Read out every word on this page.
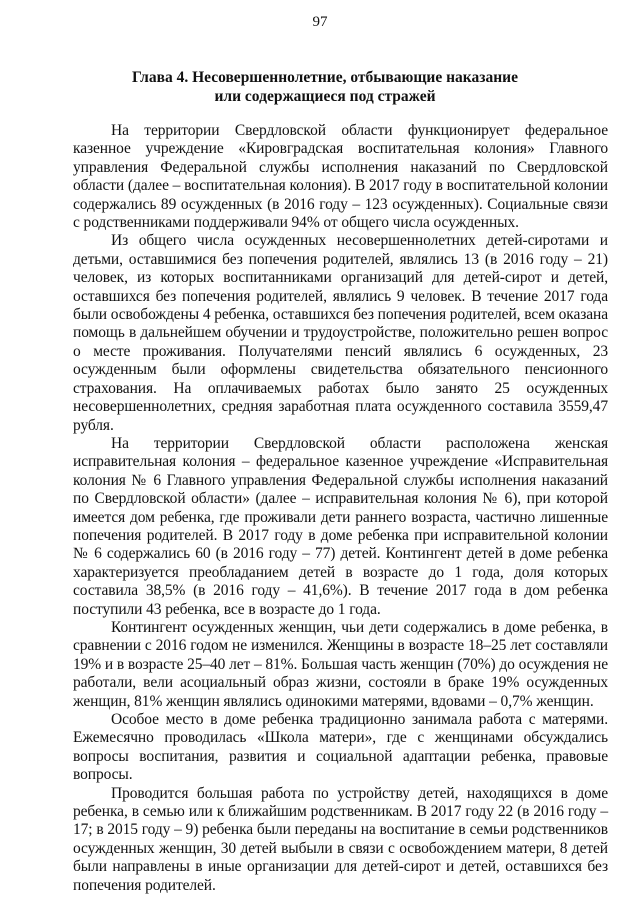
97
Глава 4. Несовершеннолетние, отбывающие наказание
или содержащиеся под стражей

На территории Свердловской области функционирует федеральное казенное учреждение «Кировградская воспитательная колония» Главного управления Федеральной службы исполнения наказаний по Свердловской области (далее – воспитательная колония). В 2017 году в воспитательной колонии содержались 89 осужденных (в 2016 году – 123 осужденных). Социальные связи с родственниками поддерживали 94% от общего числа осужденных.

Из общего числа осужденных несовершеннолетних детей-сиротами и детьми, оставшимися без попечения родителей, являлись 13 (в 2016 году – 21) человек, из которых воспитанниками организаций для детей-сирот и детей, оставшихся без попечения родителей, являлись 9 человек. В течение 2017 года были освобождены 4 ребенка, оставшихся без попечения родителей, всем оказана помощь в дальнейшем обучении и трудоустройстве, положительно решен вопрос о месте проживания. Получателями пенсий являлись 6 осужденных, 23 осужденным были оформлены свидетельства обязательного пенсионного страхования. На оплачиваемых работах было занято 25 осужденных несовершеннолетних, средняя заработная плата осужденного составила 3559,47 рубля.

На территории Свердловской области расположена женская исправительная колония – федеральное казенное учреждение «Исправительная колония № 6 Главного управления Федеральной службы исполнения наказаний по Свердловской области» (далее – исправительная колония № 6), при которой имеется дом ребенка, где проживали дети раннего возраста, частично лишенные попечения родителей. В 2017 году в доме ребенка при исправительной колонии № 6 содержались 60 (в 2016 году – 77) детей. Контингент детей в доме ребенка характеризуется преобладанием детей в возрасте до 1 года, доля которых составила 38,5% (в 2016 году – 41,6%). В течение 2017 года в дом ребенка поступили 43 ребенка, все в возрасте до 1 года.

Контингент осужденных женщин, чьи дети содержались в доме ребенка, в сравнении с 2016 годом не изменился. Женщины в возрасте 18–25 лет составляли 19% и в возрасте 25–40 лет – 81%. Большая часть женщин (70%) до осуждения не работали, вели асоциальный образ жизни, состояли в браке 19% осужденных женщин, 81% женщин являлись одинокими матерями, вдовами – 0,7% женщин.

Особое место в доме ребенка традиционно занимала работа с матерями. Ежемесячно проводилась «Школа матери», где с женщинами обсуждались вопросы воспитания, развития и социальной адаптации ребенка, правовые вопросы.

Проводится большая работа по устройству детей, находящихся в доме ребенка, в семью или к ближайшим родственникам. В 2017 году 22 (в 2016 году – 17; в 2015 году – 9) ребенка были переданы на воспитание в семьи родственников осужденных женщин, 30 детей выбыли в связи с освобождением матери, 8 детей были направлены в иные организации для детей-сирот и детей, оставшихся без попечения родителей.
